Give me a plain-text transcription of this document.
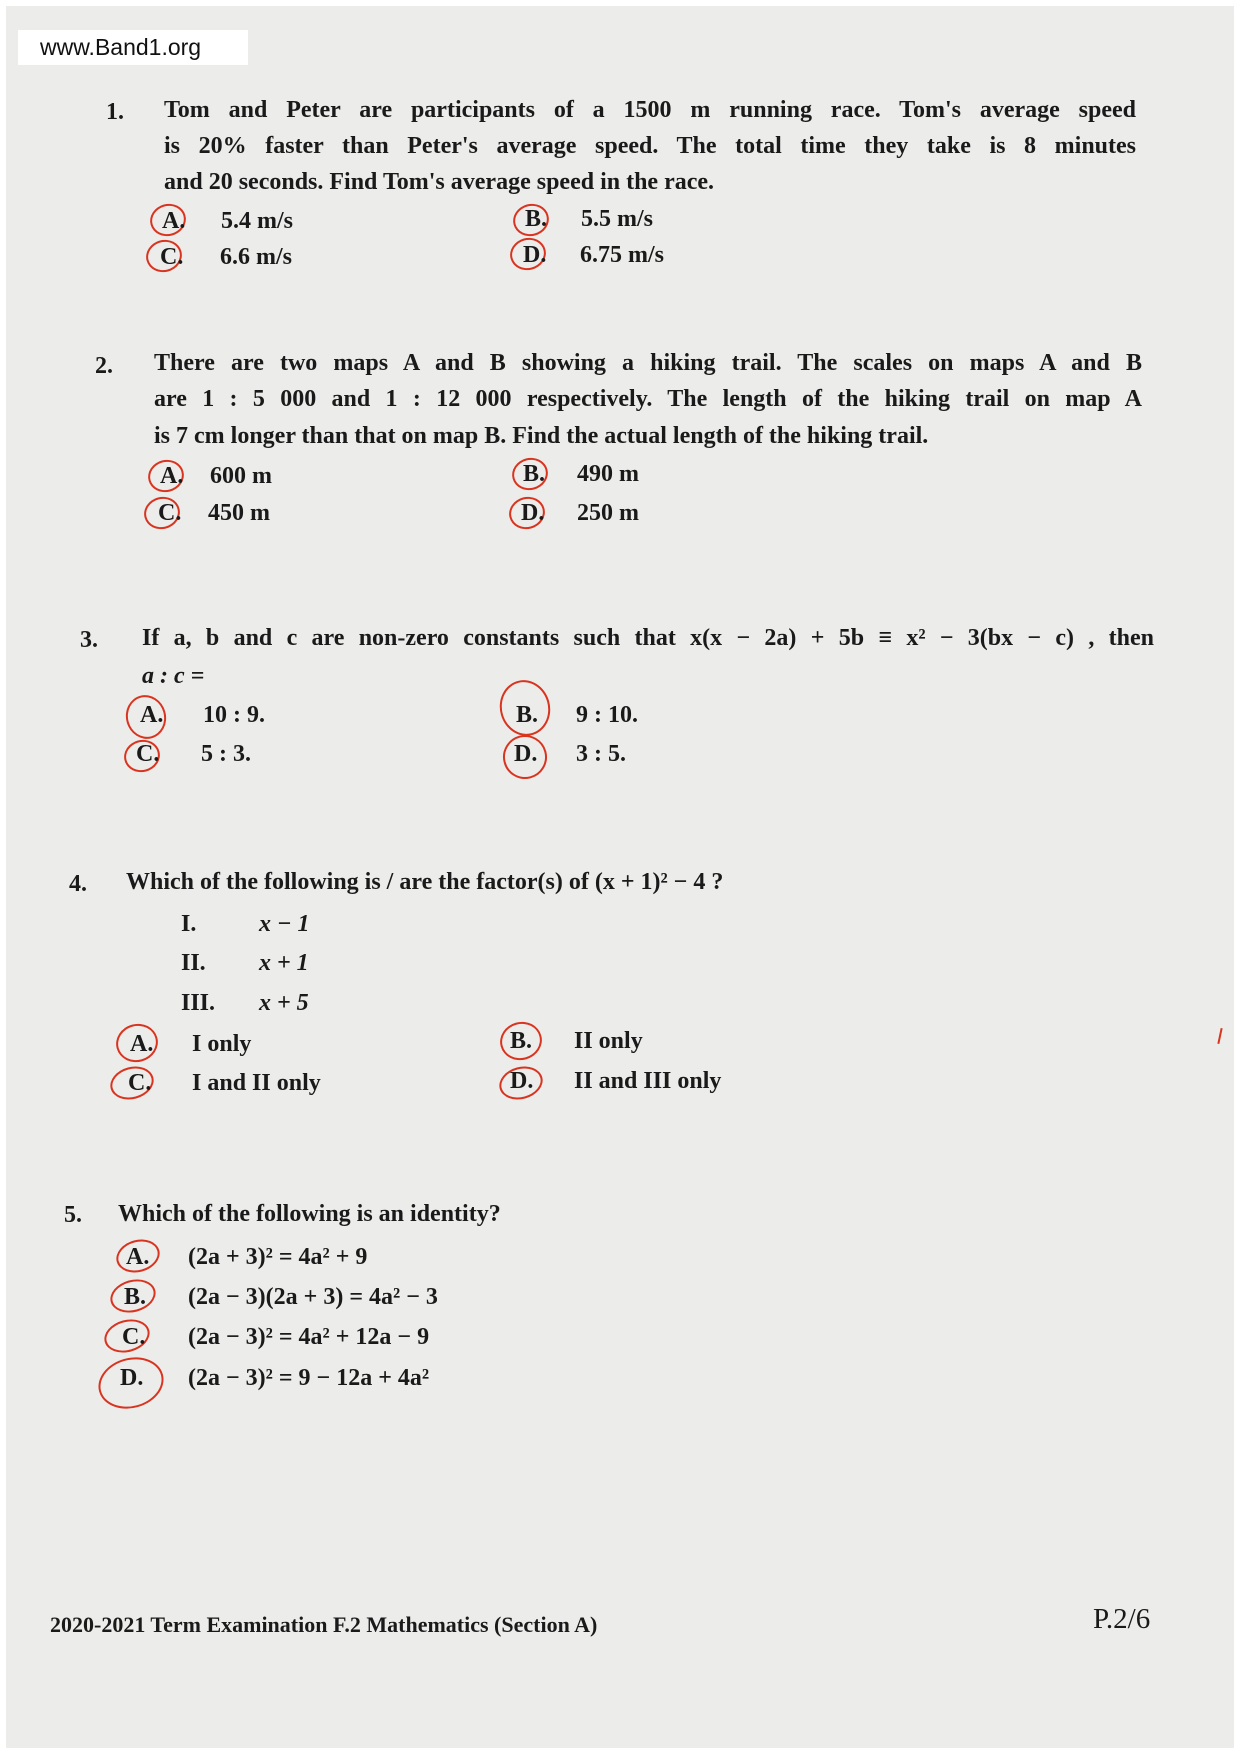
www.Band1.org
1. Tom and Peter are participants of a 1500 m running race. Tom's average speed
is 20% faster than Peter's average speed. The total time they take is 8 minutes
and 20 seconds. Find Tom's average speed in the race.
A. 5.4 m/s	B. 5.5 m/s
C. 6.6 m/s	D. 6.75 m/s
2. There are two maps A and B showing a hiking trail. The scales on maps A and B
are 1 : 5 000 and 1 : 12 000 respectively. The length of the hiking trail on map A
is 7 cm longer than that on map B. Find the actual length of the hiking trail.
A. 600 m	B. 490 m
C. 450 m	D. 250 m
3. If a, b and c are non-zero constants such that x(x − 2a) + 5b ≡ x² − 3(bx − c) , then
a : c =
A. 10 : 9.	B. 9 : 10.
C. 5 : 3.	D. 3 : 5.
4. Which of the following is / are the factor(s) of (x + 1)² − 4 ?
I.	x − 1
II. x + 1
III. x + 5
A. I only	B. II only
C. I and II only	D. II and III only
5. Which of the following is an identity?
A. (2a + 3)² = 4a² + 9
B. (2a − 3)(2a + 3) = 4a² − 3
C. (2a − 3)² = 4a² + 12a − 9
D. (2a − 3)² = 9 − 12a + 4a²
2020-2021 Term Examination F.2 Mathematics (Section A)	P.2/6
